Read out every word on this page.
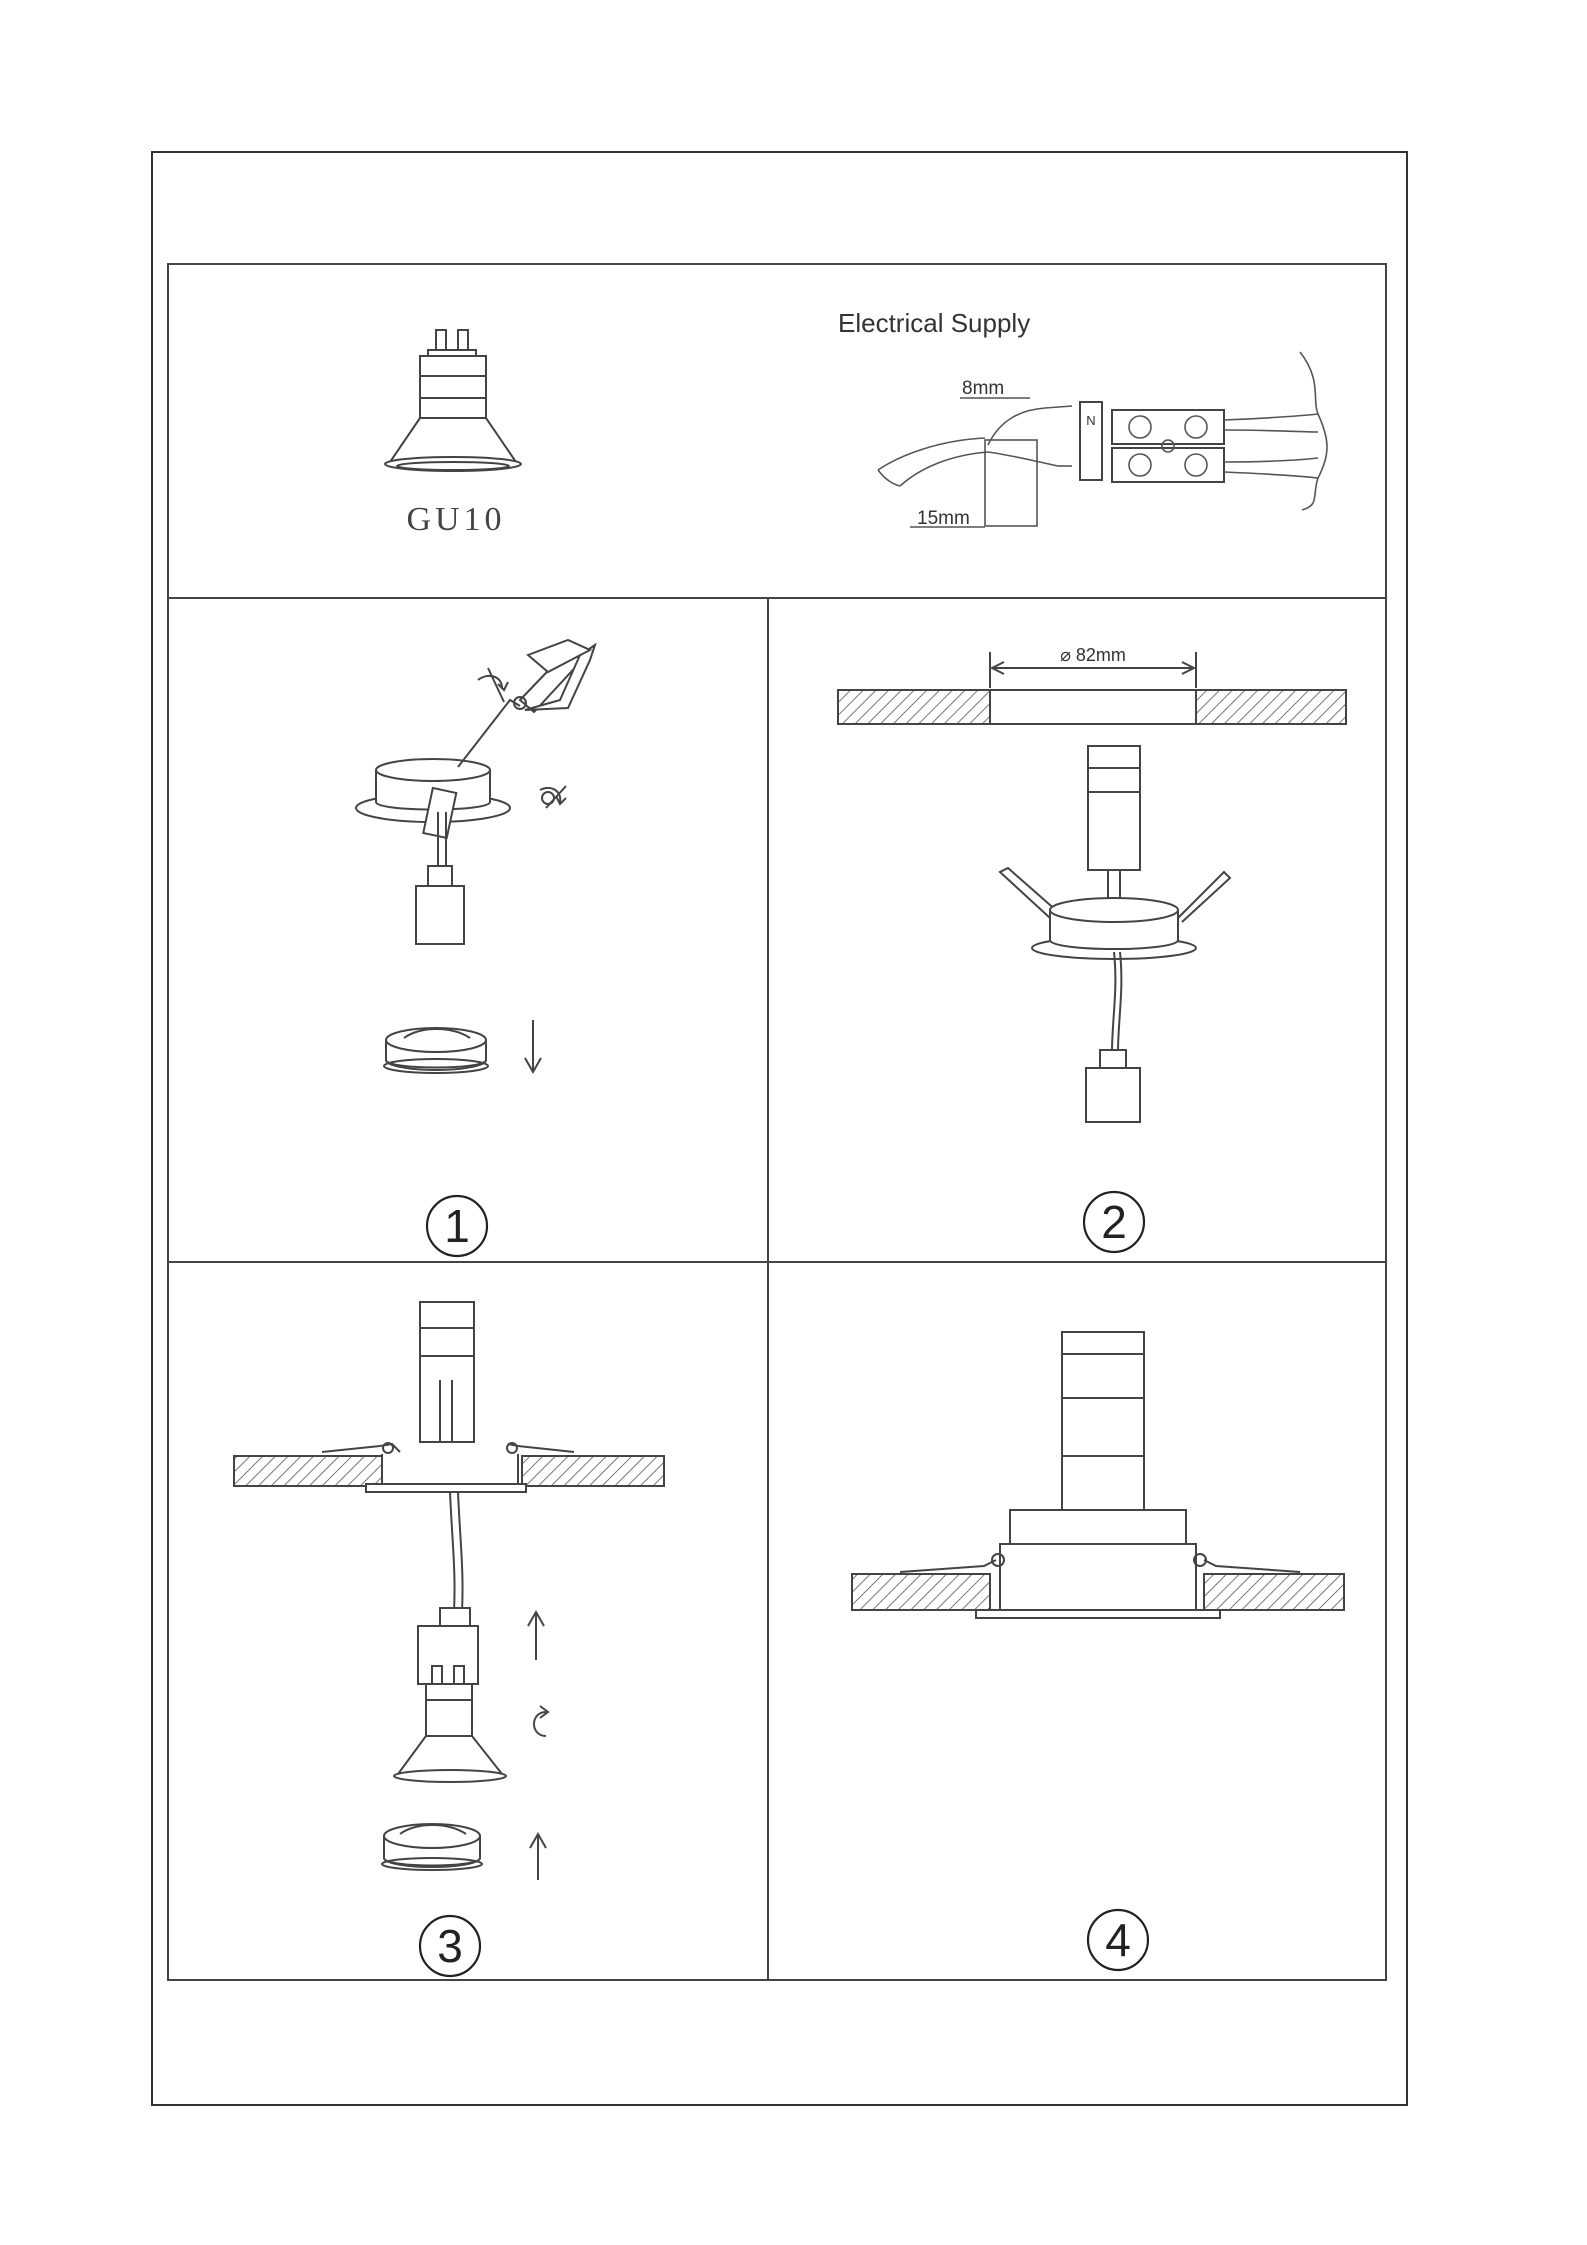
GU10
Electrical Supply
8mm
15mm
N
1
⌀ 82mm
2
3	4
